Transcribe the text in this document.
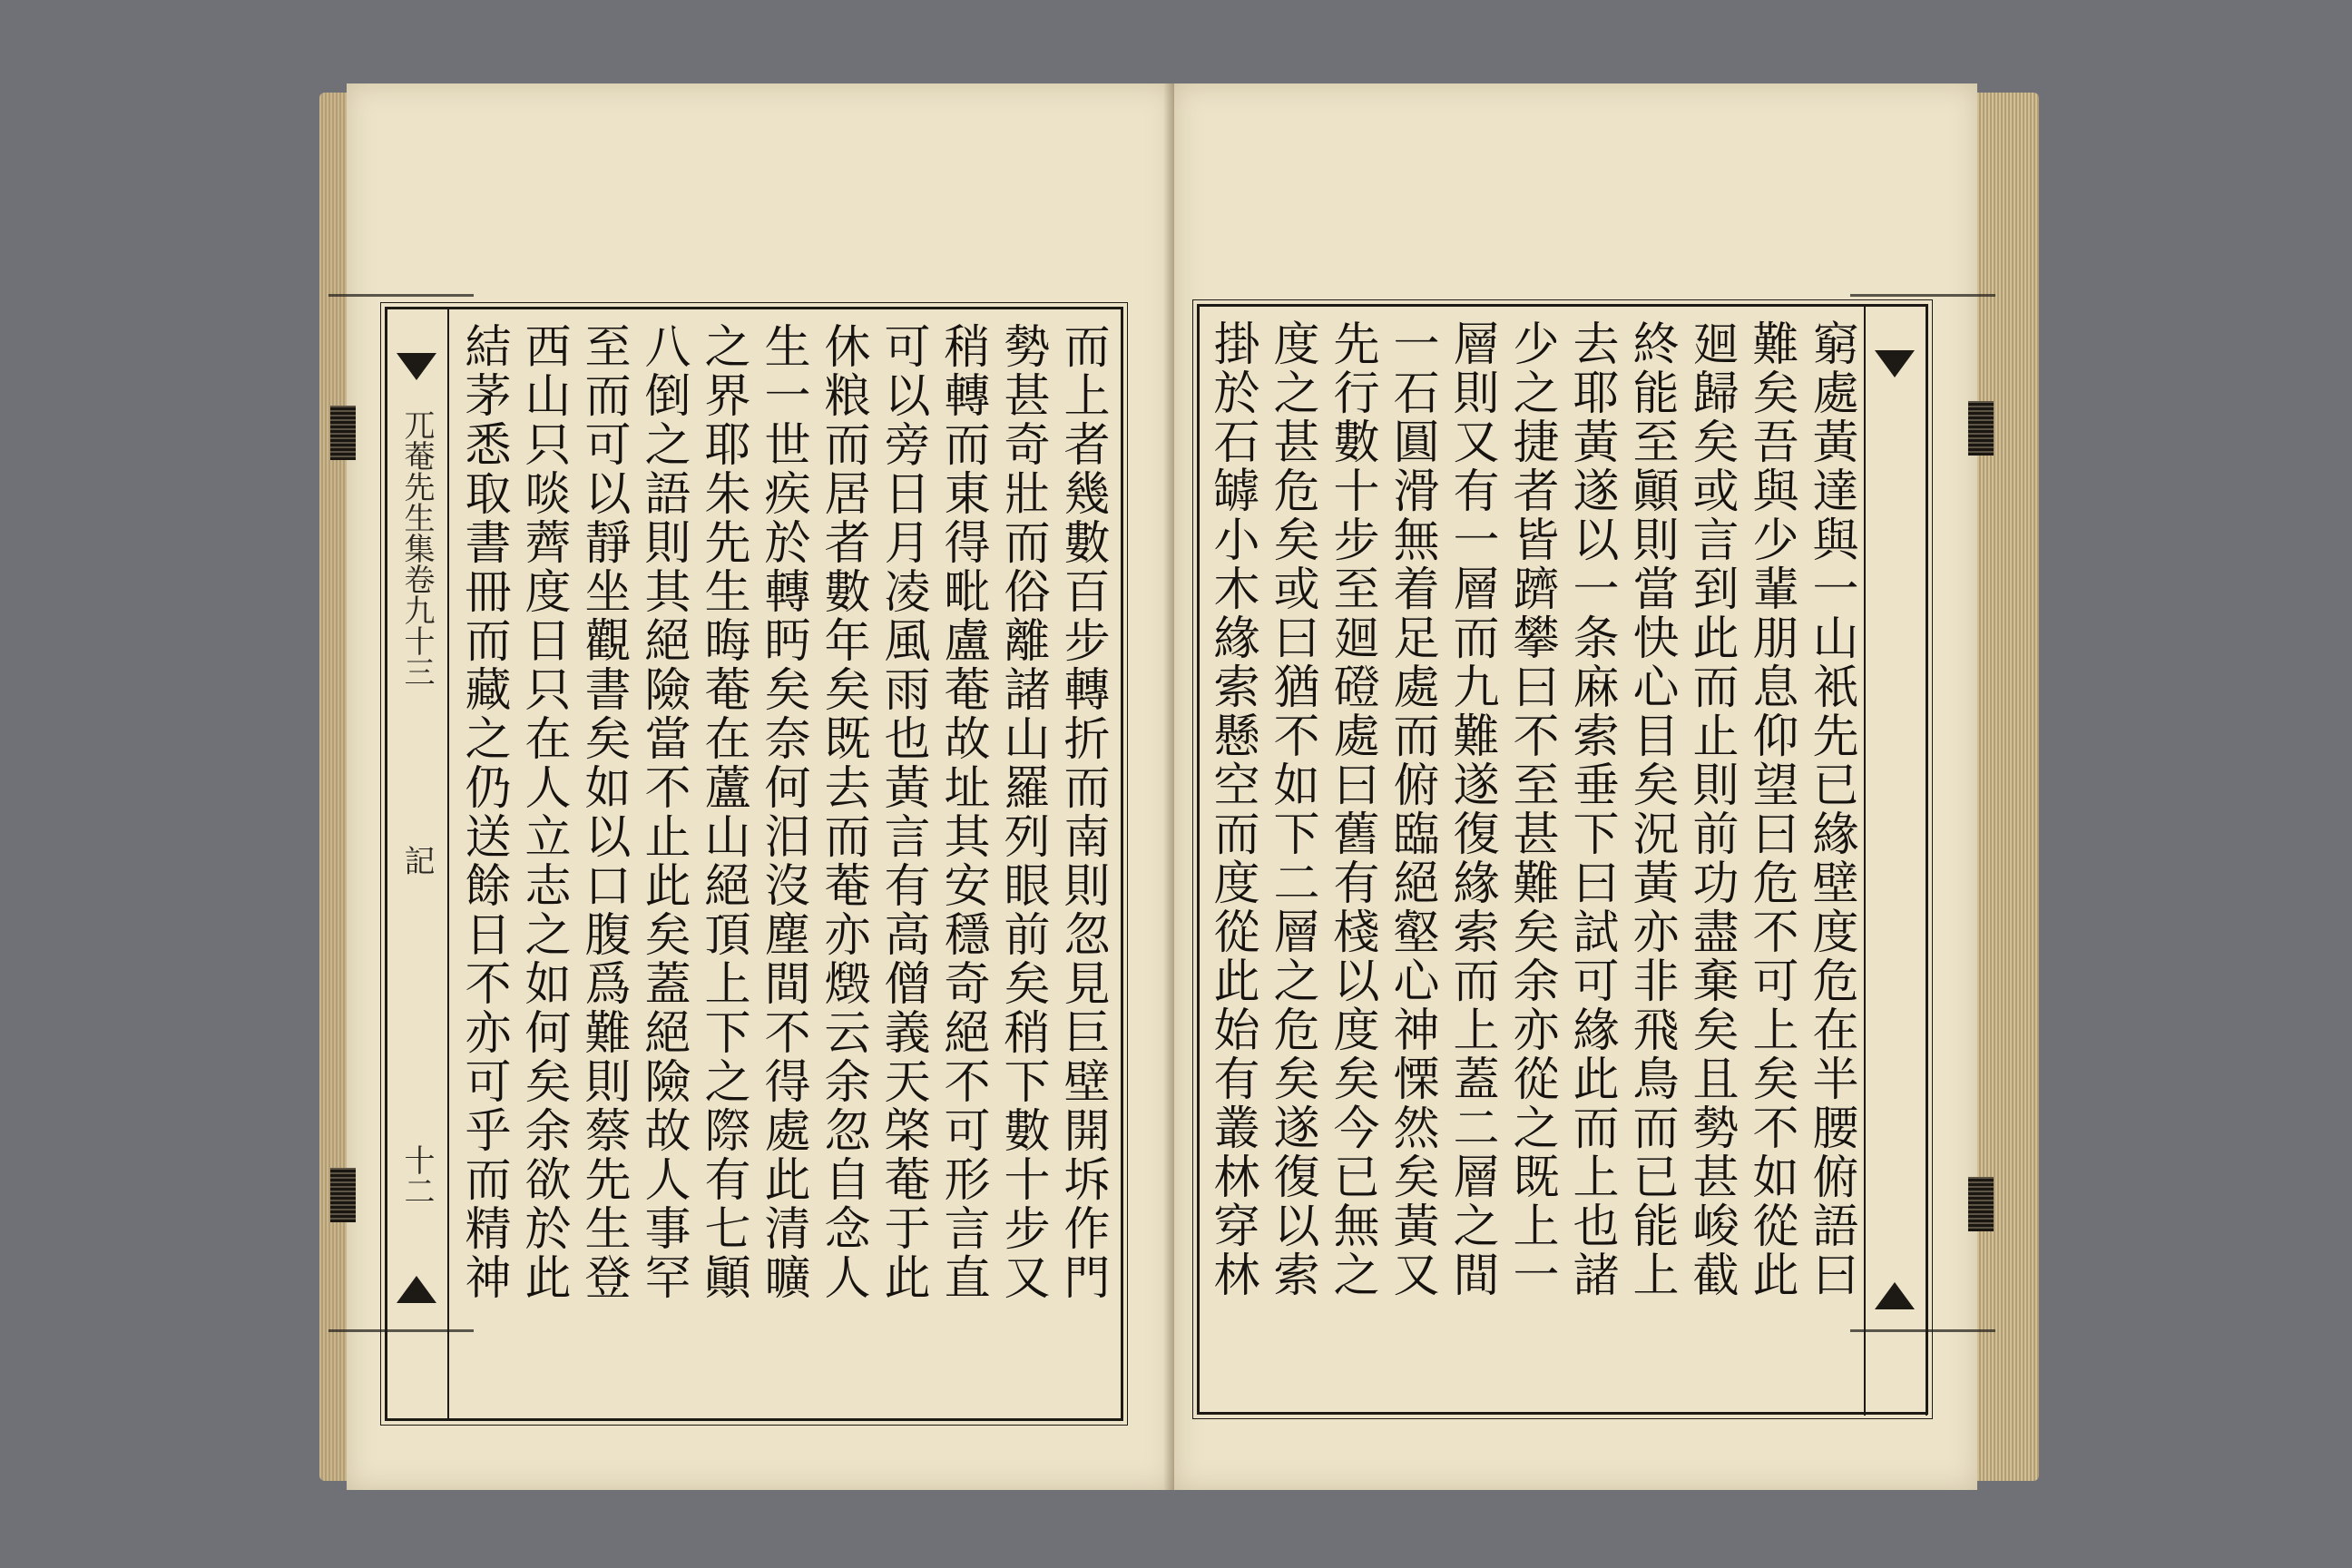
兀菴先生集卷九十三
記
十二 結茅悉取書冊而藏之仍送餘日不亦可乎而精神 西山只啖薺度日只在人立志之如何矣余欲於此 至而可以靜坐觀書矣如以口腹爲難則蔡先生登 八倒之語則其絕險當不止此矣蓋絕險故人事罕 之界耶朱先生晦菴在蘆山絕頂上下之際有七顚 生一世疾於轉眄矣奈何汨沒塵間不得處此清曠 休粮而居者數年矣既去而菴亦燬云余忽自念人 可以旁日月凌風雨也黃言有高僧義天棨菴于此 稍轉而東得毗盧菴故址其安穩奇絕不可形言直 勢甚奇壯而俗離諸山羅列眼前矣稍下數十步又 而上者幾數百步轉折而南則忽見巨壁開坼作門 掛於石罅小木緣索懸空而度從此始有叢林穿林 度之甚危矣或曰猶不如下二層之危矣遂復以索 先行數十步至廻磴處曰舊有棧以度矣今已無之 一石圓滑無着足處而俯臨絕壑心神慄然矣黃又 層則又有一層而九難遂復緣索而上蓋二層之間 少之捷者皆躋攀曰不至甚難矣余亦從之既上一 去耶黃遂以一条麻索垂下曰試可緣此而上也諸 終能至顚則當快心目矣況黃亦非飛鳥而已能上 廻歸矣或言到此而止則前功盡棄矣且勢甚峻截 難矣吾與少輩朋息仰望曰危不可上矣不如從此 窮處黃達與一山衹先已緣壁度危在半腰俯語曰
